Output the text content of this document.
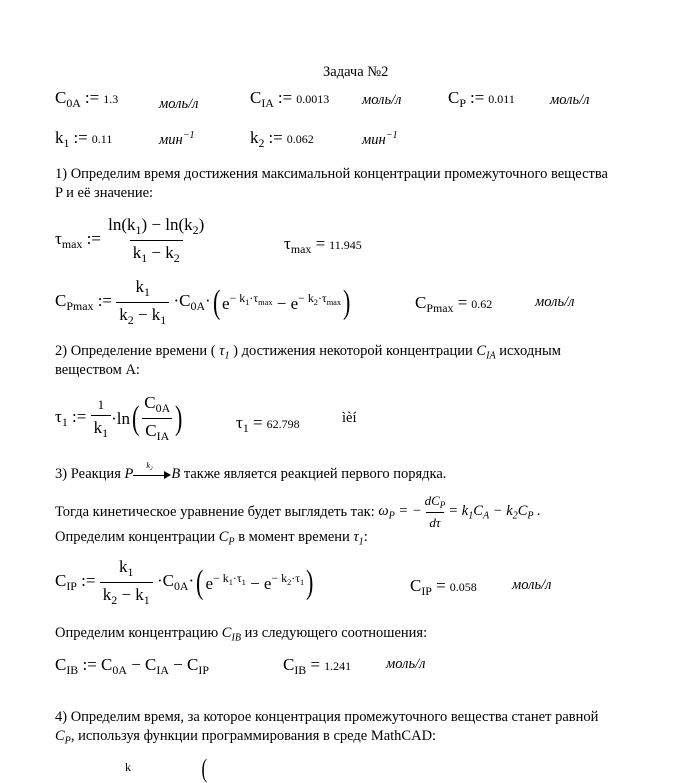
Задача №2
$C_{0A}$ := 1.3	моль/л	$C_{IA}$ := 0.0013 моль/л	$C_P$ := 0.011 моль/л
$k_1$ := 0.11	мин$^{-1}$	$k_2$ := 0.062	мин$^{-1}$
1) Определим время достижения максимальной концентрации промежуточного вещества
P и её значение:
$\tau_{max}$ := $\frac{\ln(k_1) - \ln(k_2)}{k_1 - k_2}$	$\tau_{max} = 11.945$
$C_{Pmax}$ := $\frac{k_1}{k_2 - k_1} \cdot C_{0A}\cdot$( $e^{- k_1\cdot\tau_{max}} - e^{- k_2\cdot\tau_{max}}$)	$C_{Pmax} = 0.62$	моль/л
2) Определение времени ( $\tau_1$ ) достижения некоторой концентрации $C_{IA}$ исходным
веществом А:
$\tau_1$ := $\frac{1}{k_1} \cdot\ln( \frac{C_{0A}}{C_{IA}}$ )	$\tau_1 = 62.798$	ìèí
3) Реакция P
$k_2$ B также является реакцией первого порядка.
Тогда кинетическое уравнение будет выглядеть так: $\omega_P$ = − $\frac{dC_P}{d\tau} = k_1C_A - k_2C_P$ .
Определим концентрации $C_P$ в момент времени $\tau_1$:
$C_{IP}$ := $\frac{k_1}{k_2 - k_1} \cdot C_{0A}\cdot$( $e^{- k_1\cdot\tau_1} - e^{- k_2\cdot\tau_1}$)	$C_{IP} = 0.058$ моль/л
Определим концентрацию $C_{IB}$ из следующего соотношения:
$C_{IB}$ := $C_{0A} - C_{IA} - C_{IP}$	$C_{IB} = 1.241$ моль/л
4) Определим время, за которое концентрация промежуточного вещества станет равной
$C_P$, используя функции программирования в среде MathCAD:
k	(
